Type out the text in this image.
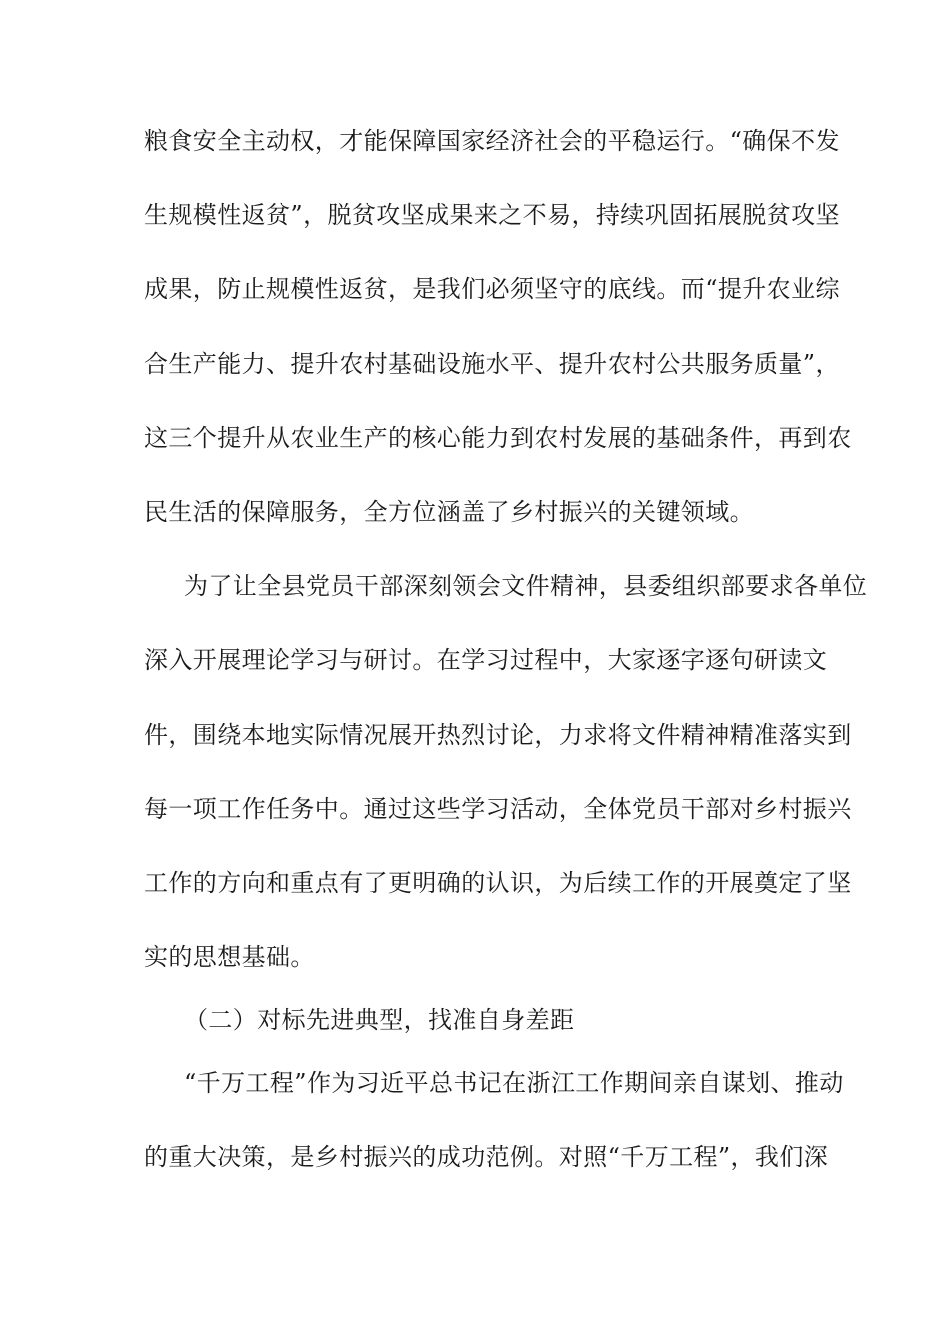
粮食安全主动权，才能保障国家经济社会的平稳运行。“确保不发
生规模性返贫”，脱贫攻坚成果来之不易，持续巩固拓展脱贫攻坚
成果，防止规模性返贫，是我们必须坚守的底线。而“提升农业综
合生产能力、提升农村基础设施水平、提升农村公共服务质量”，
这三个提升从农业生产的核心能力到农村发展的基础条件，再到农
民生活的保障服务，全方位涵盖了乡村振兴的关键领域。
为了让全县党员干部深刻领会文件精神，县委组织部要求各单位
深入开展理论学习与研讨。在学习过程中，大家逐字逐句研读文
件，围绕本地实际情况展开热烈讨论，力求将文件精神精准落实到
每一项工作任务中。通过这些学习活动，全体党员干部对乡村振兴
工作的方向和重点有了更明确的认识，为后续工作的开展奠定了坚
实的思想基础。
（二）对标先进典型，找准自身差距
“千万工程”作为习近平总书记在浙江工作期间亲自谋划、推动
的重大决策，是乡村振兴的成功范例。对照“千万工程”，我们深
